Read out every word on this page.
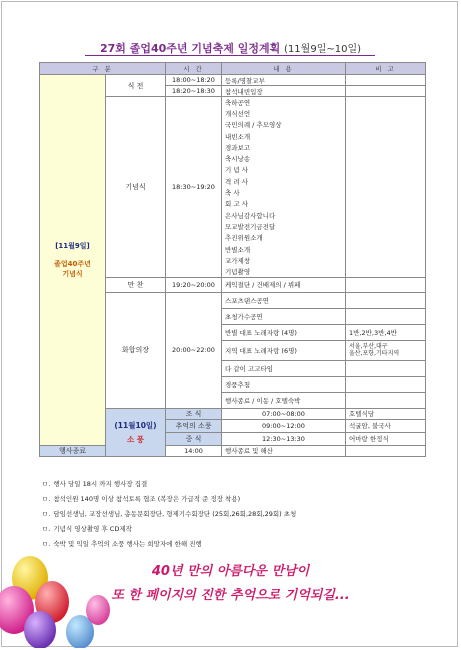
27회 졸업40주년 기념축제 일정계획 (11월9일~10일)
구 분		시 간	내 용	비 고	

[11월9일]
졸업40주년
기념식	식 전	18:00~18:20	등록/명찰교부		
		18:20~18:30	참석내빈입장		
	기념식	18:30~19:20	축하공연		
			개식선언		
			국민의례 / 추모영상		
			내빈소개		
			경과보고		
			축시낭송		
			기 념 사		
			격 려 사		
			축 사		
			회 고 사		
			은사님감사합니다		
			모교발전기금전달		
			추진위원소개		
			반별소개		
			교가제창		
			기념촬영		
	만 찬	19:20~20:00	케익절단 / 건배제의 / 뷔페		
	화합의장	20:00~22:00	스포츠댄스공연		
			초청가수공연		
			반별 대표 노래자랑 (4명)	1반,2반,3반,4반	
			지역 대표 노래자랑 (6명)	서울,부산,대구
울산,포항,기타지역	

			다 같이 고고타임		
			경품추첨		
			행사종료 / 이동 / 호텔숙박		

	(11월10일)
소 풍	조 식	07:00~08:00	호텔식당	
		추억의 소풍	09:00~12:00	석굴암, 불국사	
		중 식	12:30~13:30	어마랑 한정식	
행사종료		14:00	행사종료 및 해산		
ㅁ. 행사 당일 18시 까지 행사장 집결
ㅁ. 참석인원 140명 이상 참석토록 협조 (복장은 가급적 준 정장 착용)
ㅁ. 담임선생님, 교장선생님, 총동문회장단, 형제기수회장단 (25회,26회,28회,29회) 초청
ㅁ. 기념식 영상촬영 후 CD제작
ㅁ. 숙박 및 익일 추억의 소풍 행사는 희망자에 한해 진행
40년 만의 아름다운 만남이
또 한 페이지의 진한 추억으로 기억되길...
